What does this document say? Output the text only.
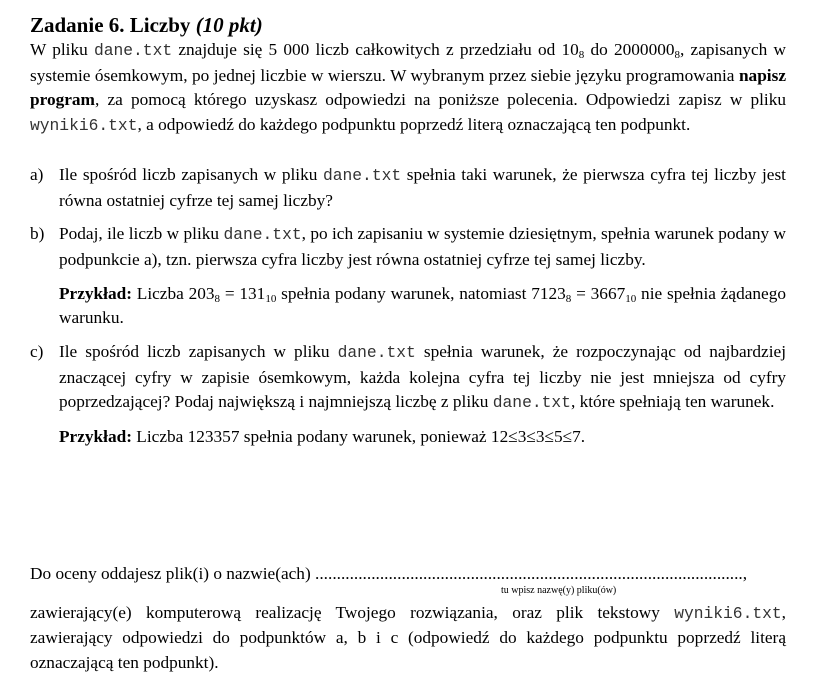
Zadanie 6. Liczby (10 pkt)

W pliku dane.txt znajduje się 5 000 liczb całkowitych z przedziału od $10_8$ do $2000000_8$, zapisanych w systemie ósemkowym, po jednej liczbie w wierszu. W wybranym przez siebie języku programowania napisz program, za pomocą którego uzyskasz odpowiedzi na poniższe polecenia. Odpowiedzi zapisz w pliku wyniki6.txt, a odpowiedź do każdego podpunktu poprzedź literą oznaczającą ten podpunkt.

a) Ile spośród liczb zapisanych w pliku dane.txt spełnia taki warunek, że pierwsza cyfra tej liczby jest równa ostatniej cyfrze tej samej liczby?
b) Podaj, ile liczb w pliku dane.txt, po ich zapisaniu w systemie dziesiętnym, spełnia warunek podany w podpunkcie a), tzn. pierwsza cyfra liczby jest równa ostatniej cyfrze tej samej liczby.
Przykład: Liczba $203_8 = 131_{10}$ spełnia podany warunek, natomiast $7123_8 = 3667_{10}$ nie spełnia żądanego warunku.
c) Ile spośród liczb zapisanych w pliku dane.txt spełnia warunek, że rozpoczynając od najbardziej znaczącej cyfry w zapisie ósemkowym, każda kolejna cyfra tej liczby nie jest mniejsza od cyfry poprzedzającej? Podaj największą i najmniejszą liczbę z pliku dane.txt, które spełniają ten warunek.
Przykład: Liczba 123357 spełnia podany warunek, ponieważ 12≤3≤3≤5≤7.

Do oceny oddajesz plik(i) o nazwie(ach) ...................................................................................................,

tu wpisz nazwę(y) pliku(ów)

zawierający(e) komputerową realizację Twojego rozwiązania, oraz plik tekstowy wyniki6.txt, zawierający odpowiedzi do podpunktów a, b i c (odpowiedź do każdego podpunktu poprzedź literą oznaczającą ten podpunkt).
